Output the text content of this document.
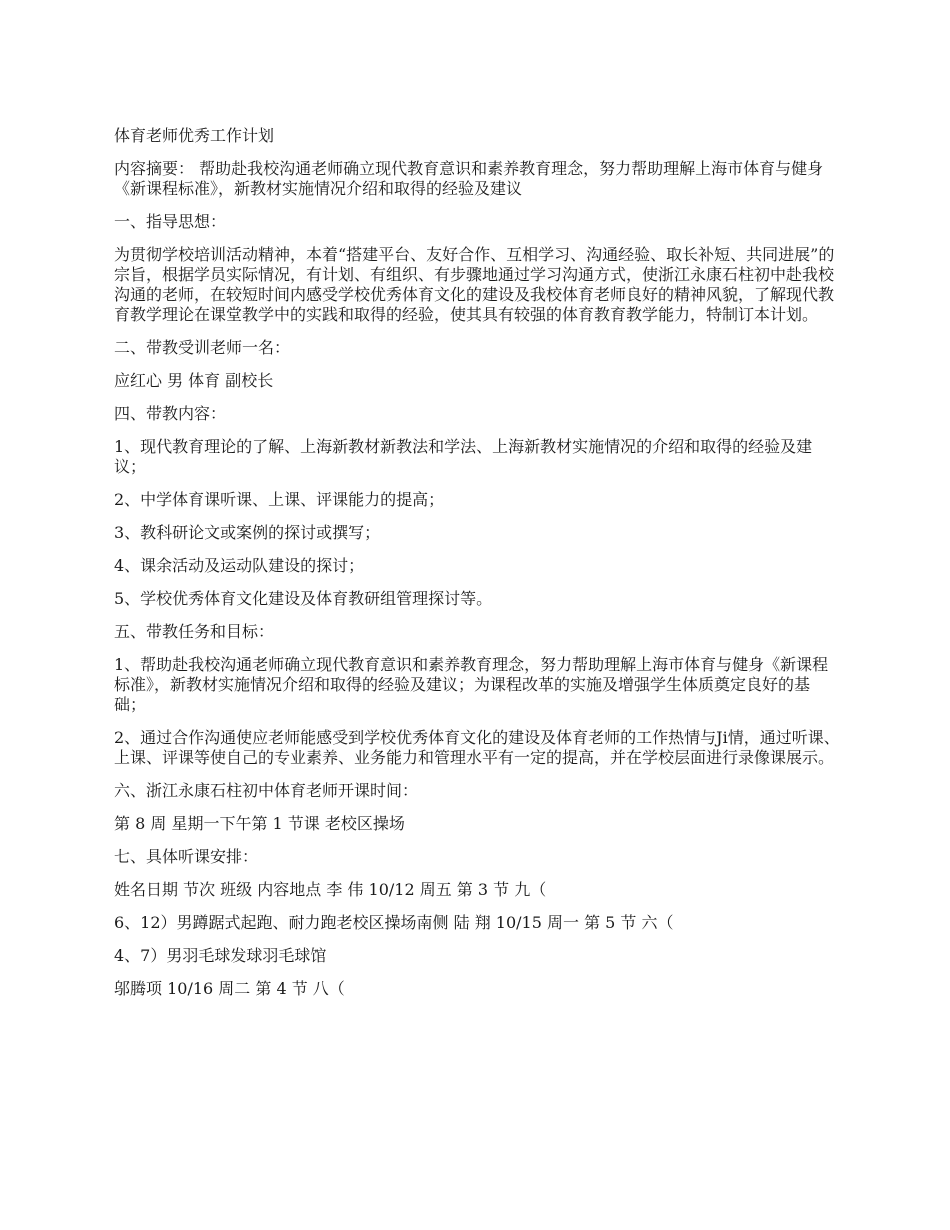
体育老师优秀工作计划

内容摘要： 帮助赴我校沟通老师确立现代教育意识和素养教育理念，努力帮助理解上海市体育与健身《新课程标准》，新教材实施情况介绍和取得的经验及建议

一、指导思想：

为贯彻学校培训活动精神，本着“搭建平台、友好合作、互相学习、沟通经验、取长补短、共同进展”的宗旨，根据学员实际情况，有计划、有组织、有步骤地通过学习沟通方式，使浙江永康石柱初中赴我校沟通的老师，在较短时间内感受学校优秀体育文化的建设及我校体育老师良好的精神风貌，了解现代教育教学理论在课堂教学中的实践和取得的经验，使其具有较强的体育教育教学能力，特制订本计划。

二、带教受训老师一名：

应红心 男 体育 副校长

四、带教内容：

1、现代教育理论的了解、上海新教材新教法和学法、上海新教材实施情况的介绍和取得的经验及建议；

2、中学体育课听课、上课、评课能力的提高；

3、教科研论文或案例的探讨或撰写；

4、课余活动及运动队建设的探讨；

5、学校优秀体育文化建设及体育教研组管理探讨等。

五、带教任务和目标：

1、帮助赴我校沟通老师确立现代教育意识和素养教育理念，努力帮助理解上海市体育与健身《新课程标准》，新教材实施情况介绍和取得的经验及建议；为课程改革的实施及增强学生体质奠定良好的基础；

2、通过合作沟通使应老师能感受到学校优秀体育文化的建设及体育老师的工作热情与Ji情，通过听课、上课、评课等使自己的专业素养、业务能力和管理水平有一定的提高，并在学校层面进行录像课展示。

六、浙江永康石柱初中体育老师开课时间：

第 8 周 星期一下午第 1 节课 老校区操场

七、具体听课安排：

姓名日期 节次 班级 内容地点 李 伟 10/12 周五 第 3 节 九（

6、12）男蹲踞式起跑、耐力跑老校区操场南侧 陆 翔 10/15 周一 第 5 节 六（

4、7）男羽毛球发球羽毛球馆

邬腾项 10/16 周二 第 4 节 八（
